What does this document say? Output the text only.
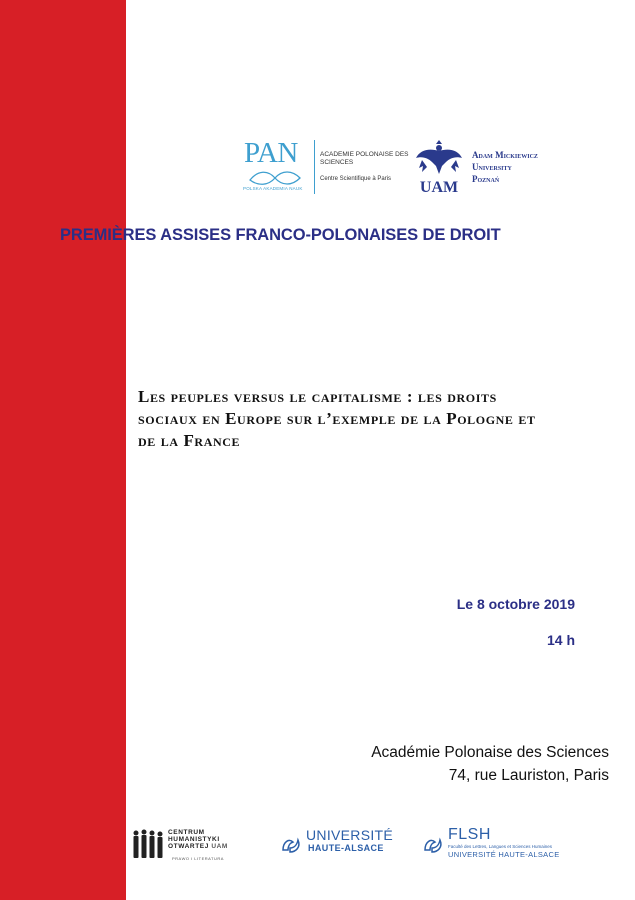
PAN
POLSKA AKADEMIA NAUK
ACADEMIE POLONAISE DES SCIENCES
Centre Scientifique à Paris UAM
Adam Mickiewicz
University
Poznań
PREMIÈRES ASSISES FRANCO-POLONAISES DE DROIT
Les peuples versus le capitalisme : les droits sociaux en Europe sur l’exemple de la Pologne et de la France
Le 8 octobre 2019
14 h
Académie Polonaise des Sciences
74, rue Lauriston, Paris
CENTRUM
HUMANISTYKI
OTWARTEJ UAM
PRAWO I LITERATURA
UNIVERSITÉ
HAUTE-ALSACE
FLSH
Faculté des Lettres, Langues et Sciences Humaines
UNIVERSITÉ HAUTE-ALSACE
